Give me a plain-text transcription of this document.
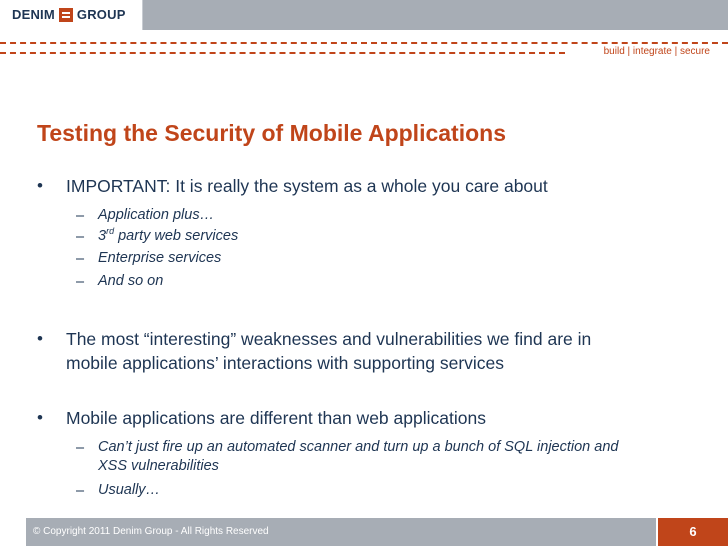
DENIM GROUP
build | integrate | secure
Testing the Security of Mobile Applications
• IMPORTANT: It is really the system as a whole you care about
– Application plus…
– 3rd party web services
– Enterprise services
– And so on
• The most “interesting” weaknesses and vulnerabilities we find are in
mobile applications’ interactions with supporting services
• Mobile applications are different than web applications
– Can’t just fire up an automated scanner and turn up a bunch of SQL injection and
XSS vulnerabilities
– Usually…
© Copyright 2011 Denim Group - All Rights Reserved	6
